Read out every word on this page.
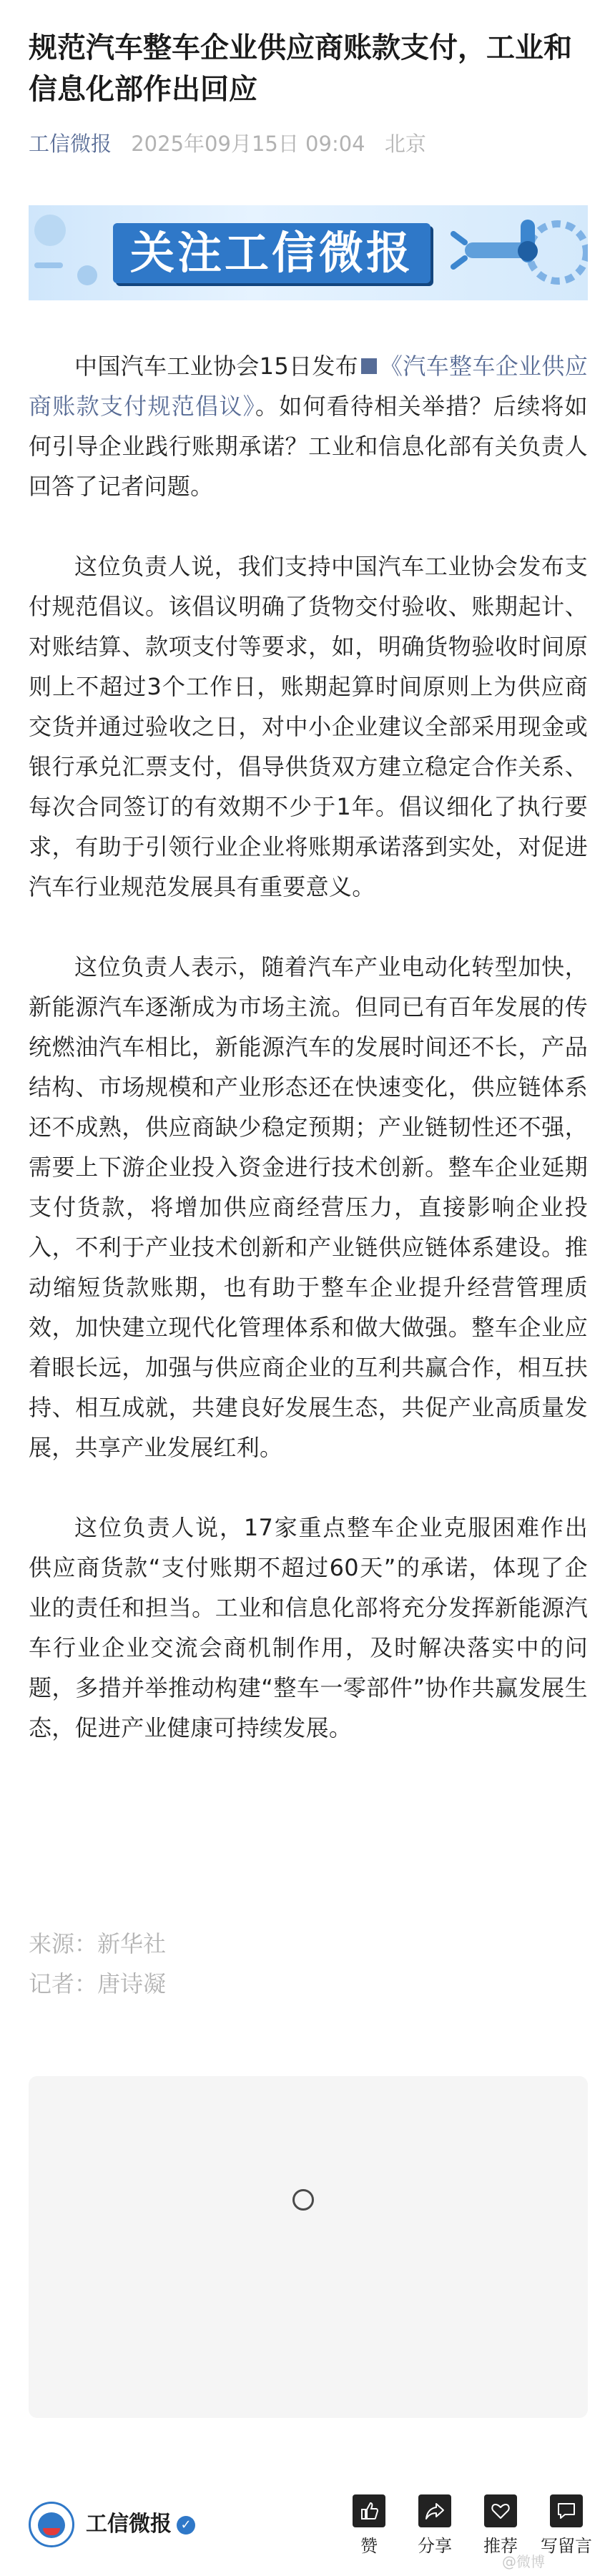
规范汽车整车企业供应商账款支付，工业和信息化部作出回应
工信微报 2025年09月15日 09:04 北京
关注工信微报

中国汽车工业协会15日发布 《汽车整车企业供应商账款支付规范倡议》。如何看待相关举措？后续将如何引导企业践行账期承诺？工业和信息化部有关负责人回答了记者问题。

这位负责人说，我们支持中国汽车工业协会发布支付规范倡议。该倡议明确了货物交付验收、账期起计、对账结算、款项支付等要求，如，明确货物验收时间原则上不超过3个工作日，账期起算时间原则上为供应商交货并通过验收之日，对中小企业建议全部采用现金或银行承兑汇票支付，倡导供货双方建立稳定合作关系、每次合同签订的有效期不少于1年。倡议细化了执行要求，有助于引领行业企业将账期承诺落到实处，对促进汽车行业规范发展具有重要意义。

这位负责人表示，随着汽车产业电动化转型加快，新能源汽车逐渐成为市场主流。但同已有百年发展的传统燃油汽车相比，新能源汽车的发展时间还不长，产品结构、市场规模和产业形态还在快速变化，供应链体系还不成熟，供应商缺少稳定预期；产业链韧性还不强，需要上下游企业投入资金进行技术创新。整车企业延期支付货款，将增加供应商经营压力，直接影响企业投入，不利于产业技术创新和产业链供应链体系建设。推动缩短货款账期，也有助于整车企业提升经营管理质效，加快建立现代化管理体系和做大做强。整车企业应着眼长远，加强与供应商企业的互利共赢合作，相互扶持、相互成就，共建良好发展生态，共促产业高质量发展，共享产业发展红利。

这位负责人说，17家重点整车企业克服困难作出供应商货款“支付账期不超过60天”的承诺，体现了企业的责任和担当。工业和信息化部将充分发挥新能源汽车行业企业交流会商机制作用，及时解决落实中的问题，多措并举推动构建“整车一零部件”协作共赢发展生态，促进产业健康可持续发展。

来源：新华社
记者：唐诗凝
工信微报 ✓
赞	分享	推荐	写留言
@微博
